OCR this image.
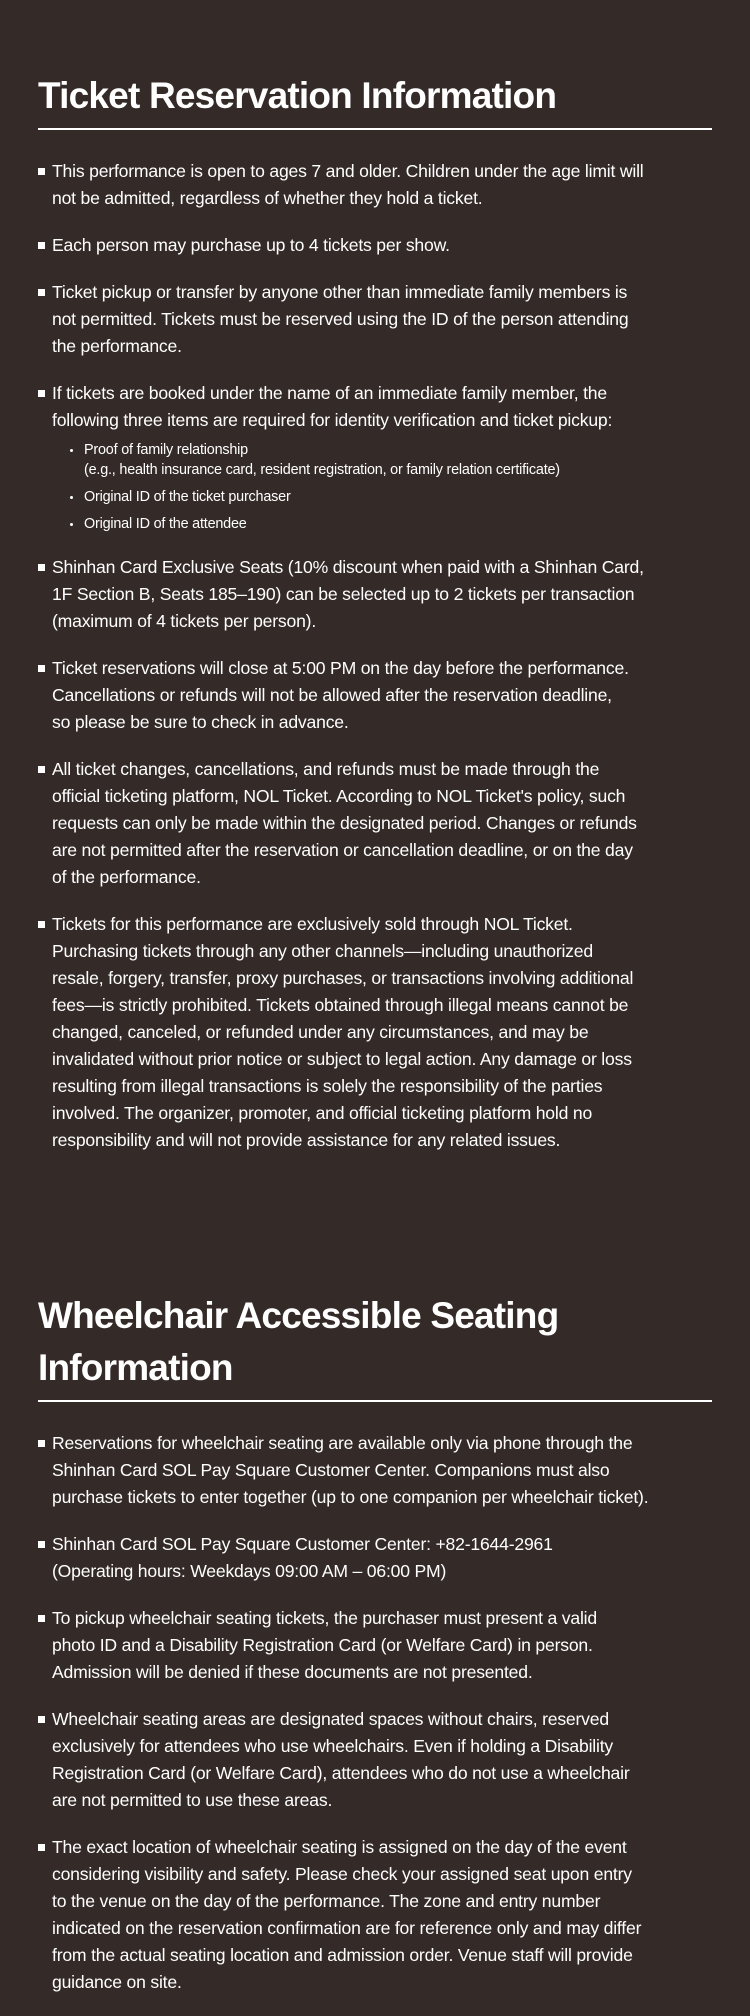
Ticket Reservation Information
This performance is open to ages 7 and older. Children under the age limit will
not be admitted, regardless of whether they hold a ticket.
Each person may purchase up to 4 tickets per show.
Ticket pickup or transfer by anyone other than immediate family members is
not permitted. Tickets must be reserved using the ID of the person attending
the performance.
If tickets are booked under the name of an immediate family member, the
following three items are required for identity verification and ticket pickup:
Proof of family relationship
(e.g., health insurance card, resident registration, or family relation certificate)
Original ID of the ticket purchaser
Original ID of the attendee
Shinhan Card Exclusive Seats (10% discount when paid with a Shinhan Card,
1F Section B, Seats 185–190) can be selected up to 2 tickets per transaction
(maximum of 4 tickets per person).
Ticket reservations will close at 5:00 PM on the day before the performance.
Cancellations or refunds will not be allowed after the reservation deadline,
so please be sure to check in advance.
All ticket changes, cancellations, and refunds must be made through the
official ticketing platform, NOL Ticket. According to NOL Ticket's policy, such
requests can only be made within the designated period. Changes or refunds
are not permitted after the reservation or cancellation deadline, or on the day
of the performance.
Tickets for this performance are exclusively sold through NOL Ticket.
Purchasing tickets through any other channels—including unauthorized
resale, forgery, transfer, proxy purchases, or transactions involving additional
fees—is strictly prohibited. Tickets obtained through illegal means cannot be
changed, canceled, or refunded under any circumstances, and may be
invalidated without prior notice or subject to legal action. Any damage or loss
resulting from illegal transactions is solely the responsibility of the parties
involved. The organizer, promoter, and official ticketing platform hold no
responsibility and will not provide assistance for any related issues.
Wheelchair Accessible Seating Information
Reservations for wheelchair seating are available only via phone through the
Shinhan Card SOL Pay Square Customer Center. Companions must also
purchase tickets to enter together (up to one companion per wheelchair ticket).
Shinhan Card SOL Pay Square Customer Center: +82-1644-2961
(Operating hours: Weekdays 09:00 AM – 06:00 PM)
To pickup wheelchair seating tickets, the purchaser must present a valid
photo ID and a Disability Registration Card (or Welfare Card) in person.
Admission will be denied if these documents are not presented.
Wheelchair seating areas are designated spaces without chairs, reserved
exclusively for attendees who use wheelchairs. Even if holding a Disability
Registration Card (or Welfare Card), attendees who do not use a wheelchair
are not permitted to use these areas.
The exact location of wheelchair seating is assigned on the day of the event
considering visibility and safety. Please check your assigned seat upon entry
to the venue on the day of the performance. The zone and entry number
indicated on the reservation confirmation are for reference only and may differ
from the actual seating location and admission order. Venue staff will provide
guidance on site.
